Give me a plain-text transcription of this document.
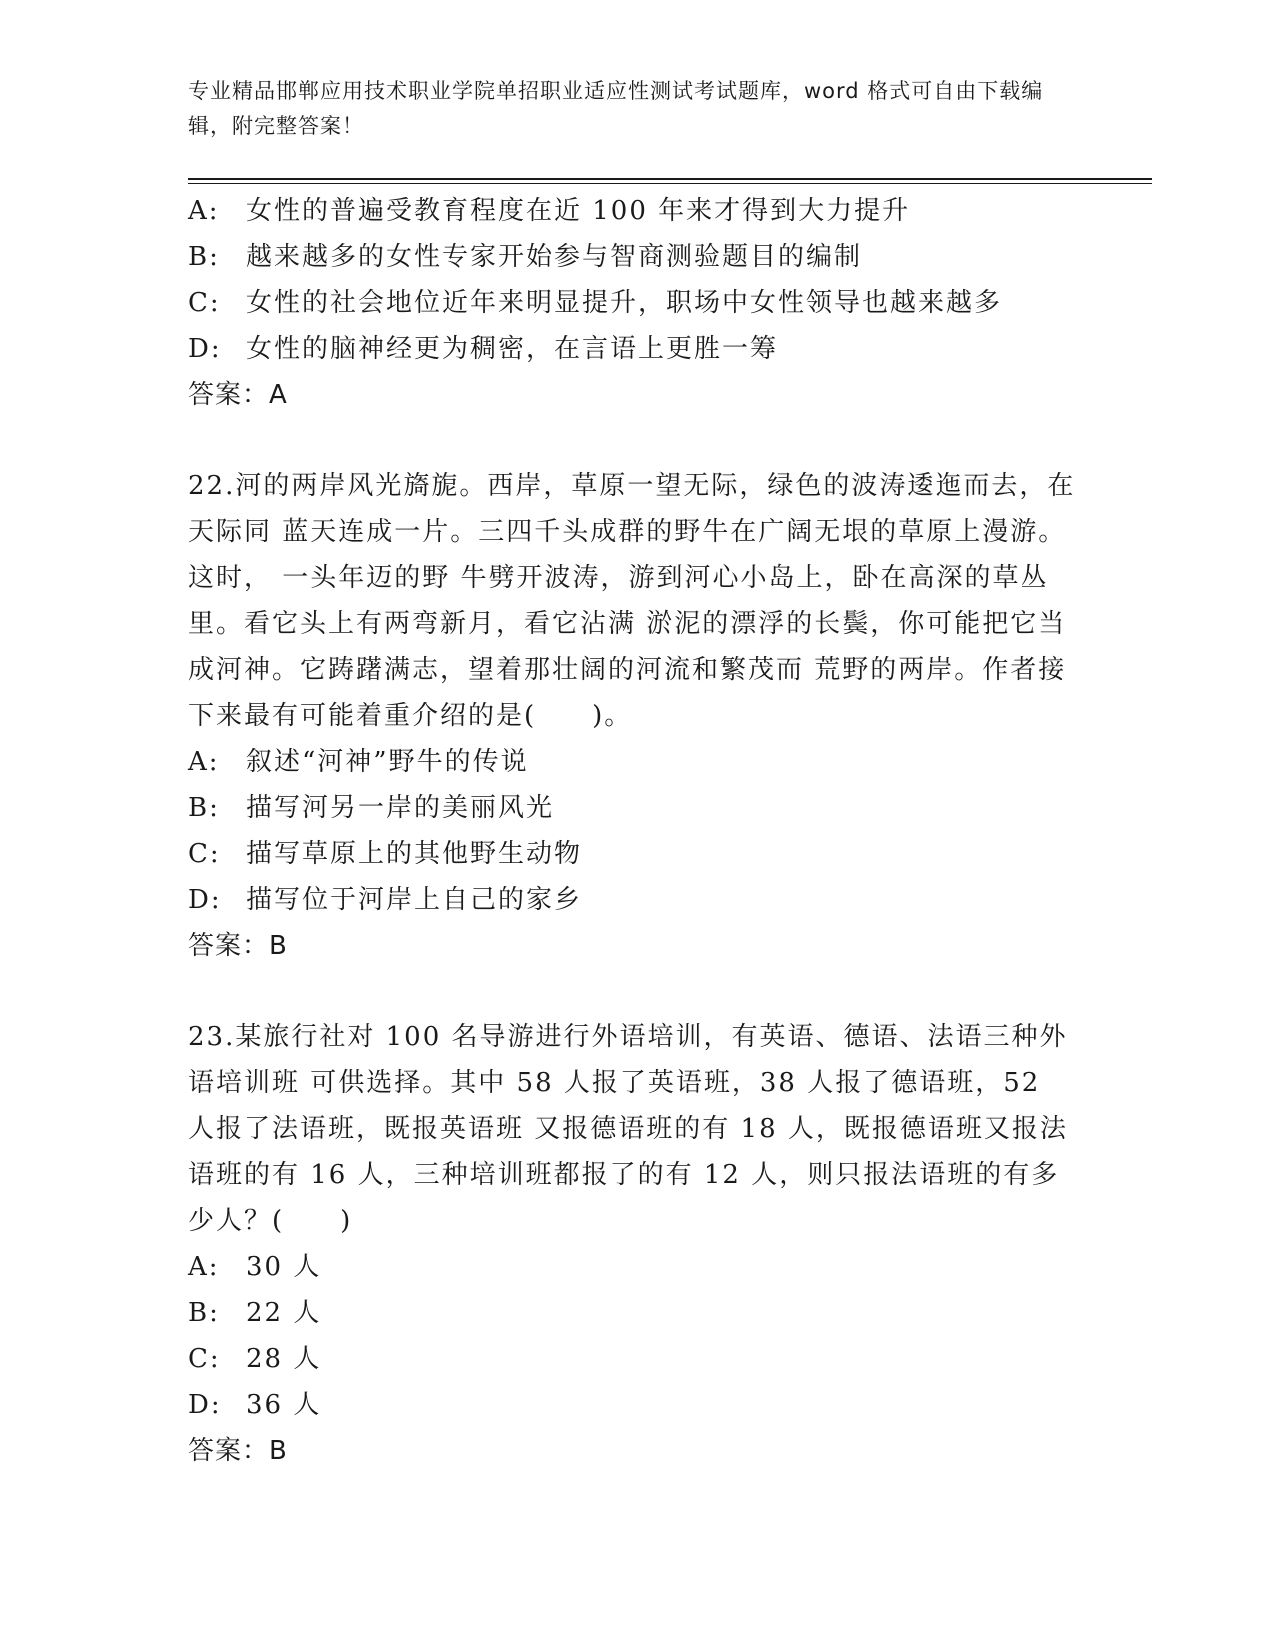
专业精品邯郸应用技术职业学院单招职业适应性测试考试题库，word 格式可自由下载编辑，附完整答案！
A: 女性的普遍受教育程度在近 100 年来才得到大力提升
B: 越来越多的女性专家开始参与智商测验题目的编制
C: 女性的社会地位近年来明显提升，职场中女性领导也越来越多
D: 女性的脑神经更为稠密，在言语上更胜一筹
答案：A
22.河的两岸风光旖旎。西岸，草原一望无际，绿色的波涛逶迤而去，在天际同 蓝天连成一片。三四千头成群的野牛在广阔无垠的草原上漫游。这时， 一头年迈的野 牛劈开波涛，游到河心小岛上，卧在高深的草丛里。看它头上有两弯新月，看它沾满 淤泥的漂浮的长鬓，你可能把它当成河神。它踌躇满志，望着那壮阔的河流和繁茂而 荒野的两岸。作者接下来最有可能着重介绍的是(　　)。
A: 叙述“河神”野牛的传说
B: 描写河另一岸的美丽风光
C: 描写草原上的其他野生动物
D: 描写位于河岸上自己的家乡
答案：B
23.某旅行社对 100 名导游进行外语培训，有英语、德语、法语三种外语培训班 可供选择。其中 58 人报了英语班，38 人报了德语班，52 人报了法语班，既报英语班 又报德语班的有 18 人，既报德语班又报法语班的有 16 人，三种培训班都报了的有 12 人，则只报法语班的有多少人？(　　)
A: 30 人
B: 22 人
C: 28 人
D: 36 人
答案：B
